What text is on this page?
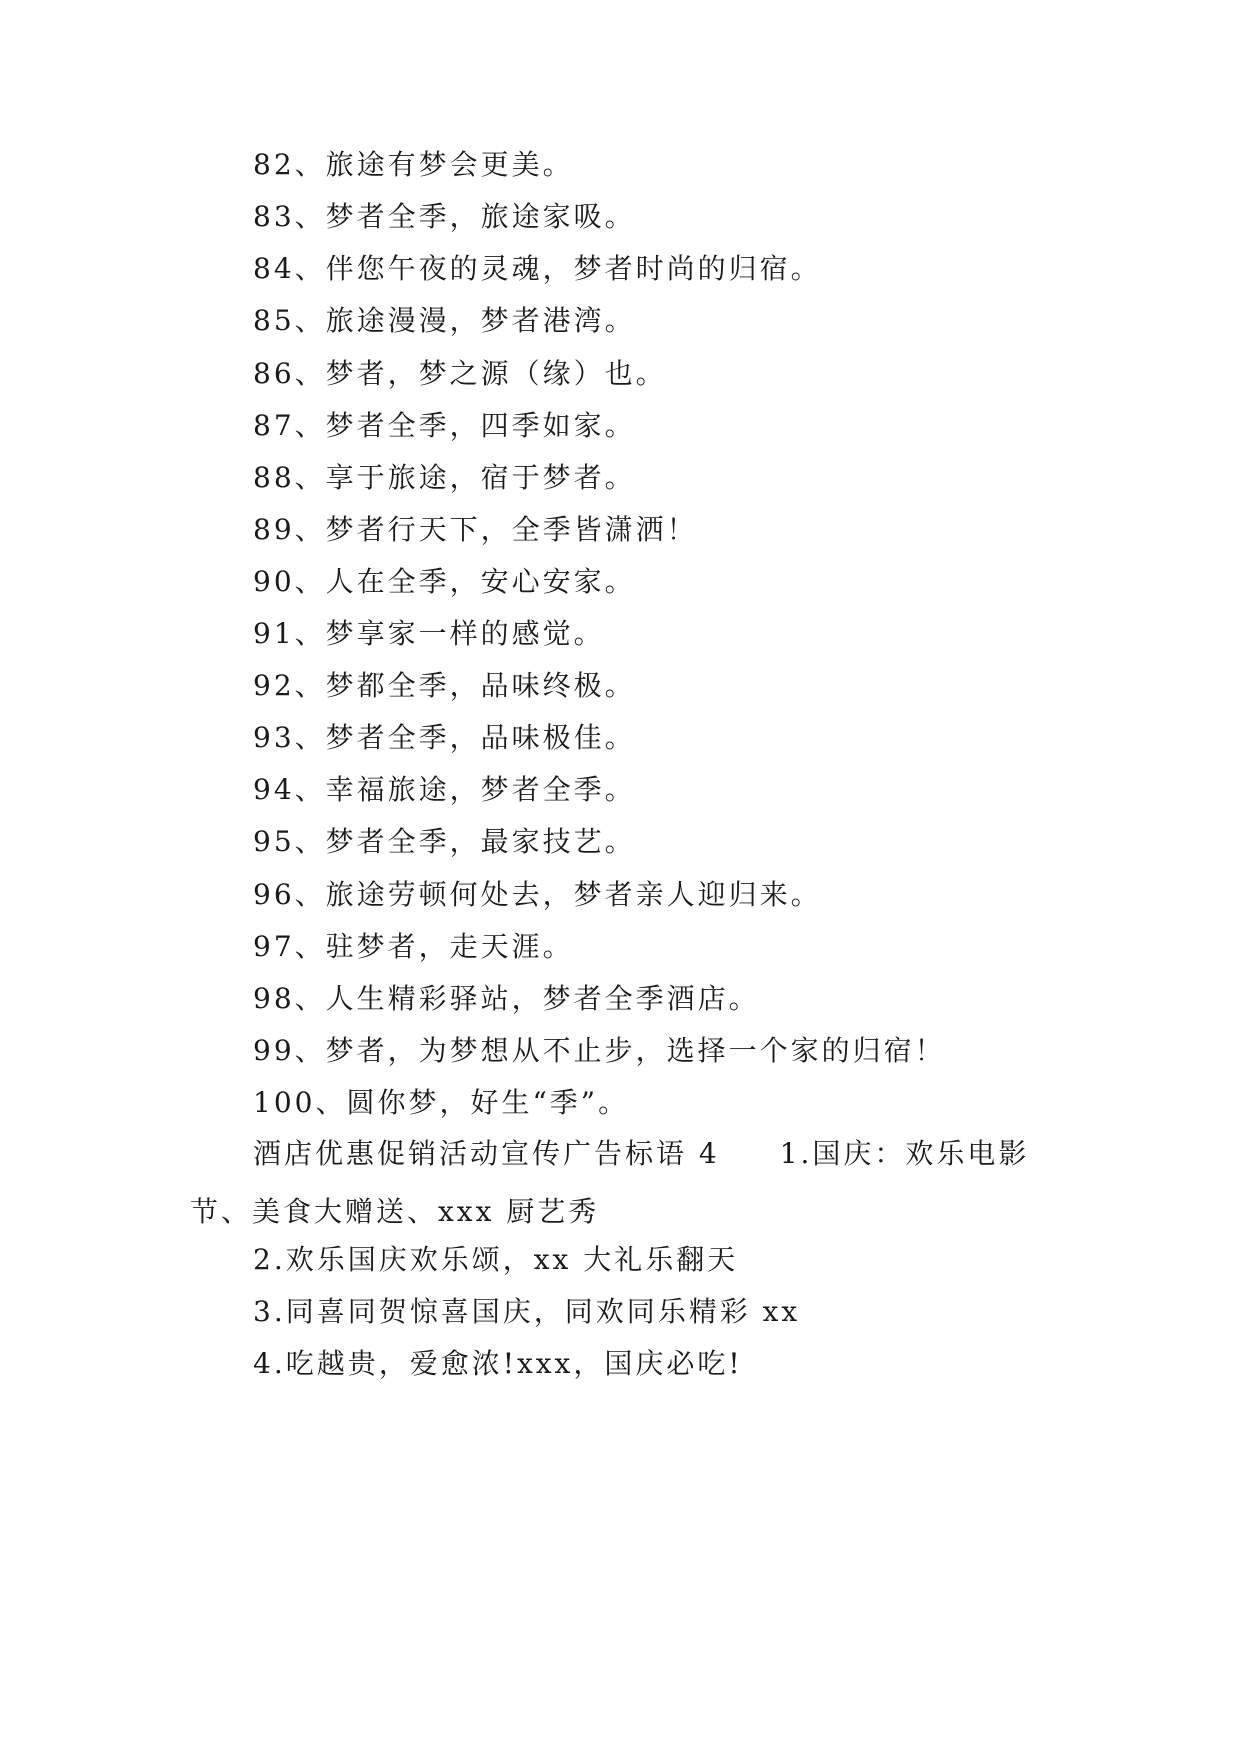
82、旅途有梦会更美。
83、梦者全季，旅途家吸。
84、伴您午夜的灵魂，梦者时尚的归宿。
85、旅途漫漫，梦者港湾。
86、梦者，梦之源（缘）也。
87、梦者全季，四季如家。
88、享于旅途，宿于梦者。
89、梦者行天下，全季皆潇洒！
90、人在全季，安心安家。
91、梦享家一样的感觉。
92、梦都全季，品味终极。
93、梦者全季，品味极佳。
94、幸福旅途，梦者全季。
95、梦者全季，最家技艺。
96、旅途劳顿何处去，梦者亲人迎归来。
97、驻梦者，走天涯。
98、人生精彩驿站，梦者全季酒店。
99、梦者，为梦想从不止步，选择一个家的归宿！
100、圆你梦，好生“季”。
酒店优惠促销活动宣传广告标语 4 1.国庆：欢乐电影节、美食大赠送、xxx 厨艺秀
2.欢乐国庆欢乐颂，xx 大礼乐翻天
3.同喜同贺惊喜国庆，同欢同乐精彩 xx
4.吃越贵，爱愈浓!xxx，国庆必吃!
